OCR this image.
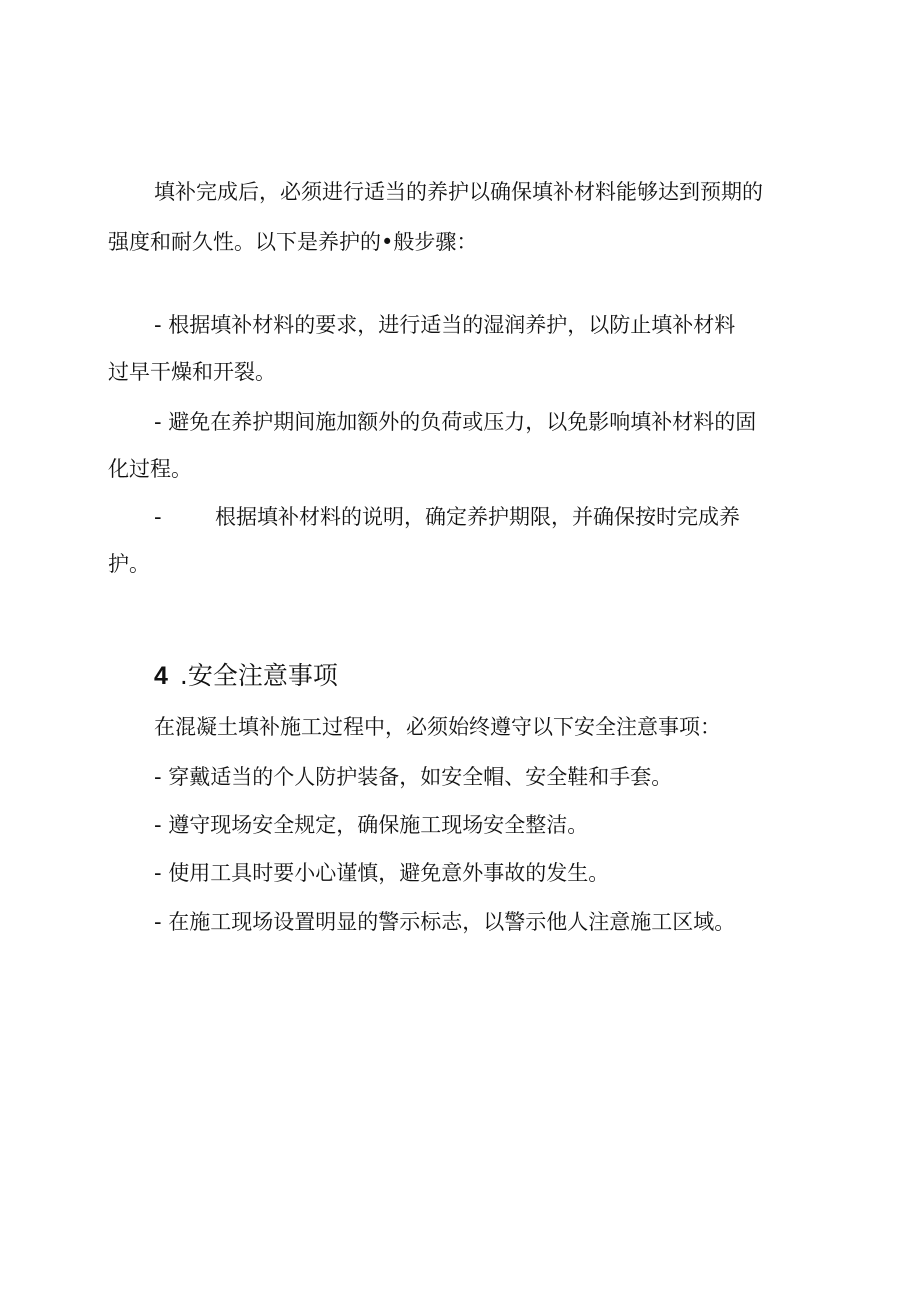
填补完成后，必须进行适当的养护以确保填补材料能够达到预期的
强度和耐久性。以下是养护的•般步骤：
- 根据填补材料的要求，进行适当的湿润养护，以防止填补材料
过早干燥和开裂。
- 避免在养护期间施加额外的负荷或压力，以免影响填补材料的固
化过程。
-	根据填补材料的说明，确定养护期限，并确保按时完成养
护。
4 .安全注意事项
在混凝土填补施工过程中，必须始终遵守以下安全注意事项：
- 穿戴适当的个人防护装备，如安全帽、安全鞋和手套。
- 遵守现场安全规定，确保施工现场安全整洁。
- 使用工具时要小心谨慎，避免意外事故的发生。
- 在施工现场设置明显的警示标志，以警示他人注意施工区域。
